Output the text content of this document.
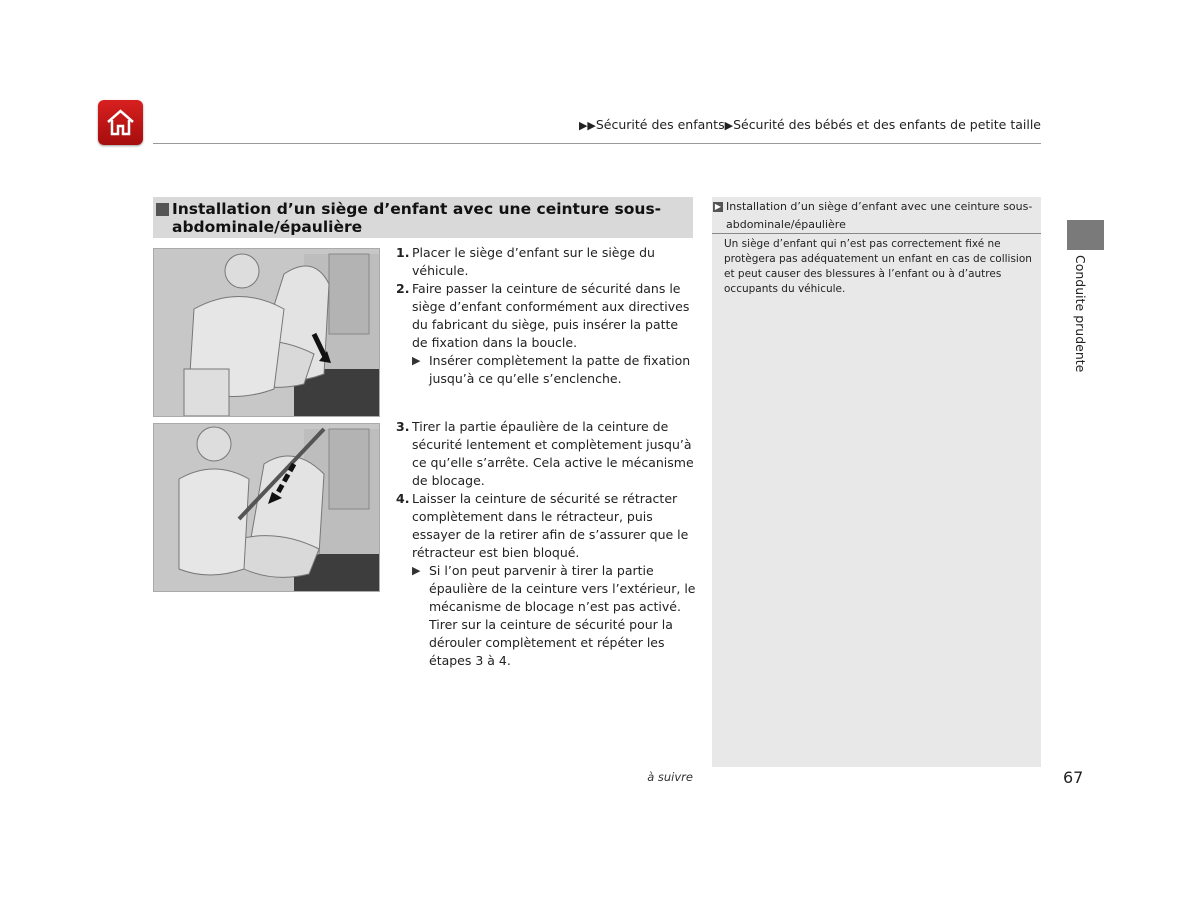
▶▶Sécurité des enfants▶Sécurité des bébés et des enfants de petite taille
Installation d’un siège d’enfant avec une ceinture sous-abdominale/épaulière
1. Placer le siège d’enfant sur le siège du véhicule.
2. Faire passer la ceinture de sécurité dans le siège d’enfant conformément aux directives du fabricant du siège, puis insérer la patte de fixation dans la boucle.
▶ Insérer complètement la patte de fixation jusqu’à ce qu’elle s’enclenche.
3. Tirer la partie épaulière de la ceinture de sécurité lentement et complètement jusqu’à ce qu’elle s’arrête. Cela active le mécanisme de blocage.
4. Laisser la ceinture de sécurité se rétracter complètement dans le rétracteur, puis essayer de la retirer afin de s’assurer que le rétracteur est bien bloqué.
▶ Si l’on peut parvenir à tirer la partie épaulière de la ceinture vers l’extérieur, le mécanisme de blocage n’est pas activé. Tirer sur la ceinture de sécurité pour la dérouler complètement et répéter les étapes 3 à 4.
▶ Installation d’un siège d’enfant avec une ceinture sous-abdominale/épaulière
Un siège d’enfant qui n’est pas correctement fixé ne protègera pas adéquatement un enfant en cas de collision et peut causer des blessures à l’enfant ou à d’autres occupants du véhicule.	Conduite prudente
à suivre	67
